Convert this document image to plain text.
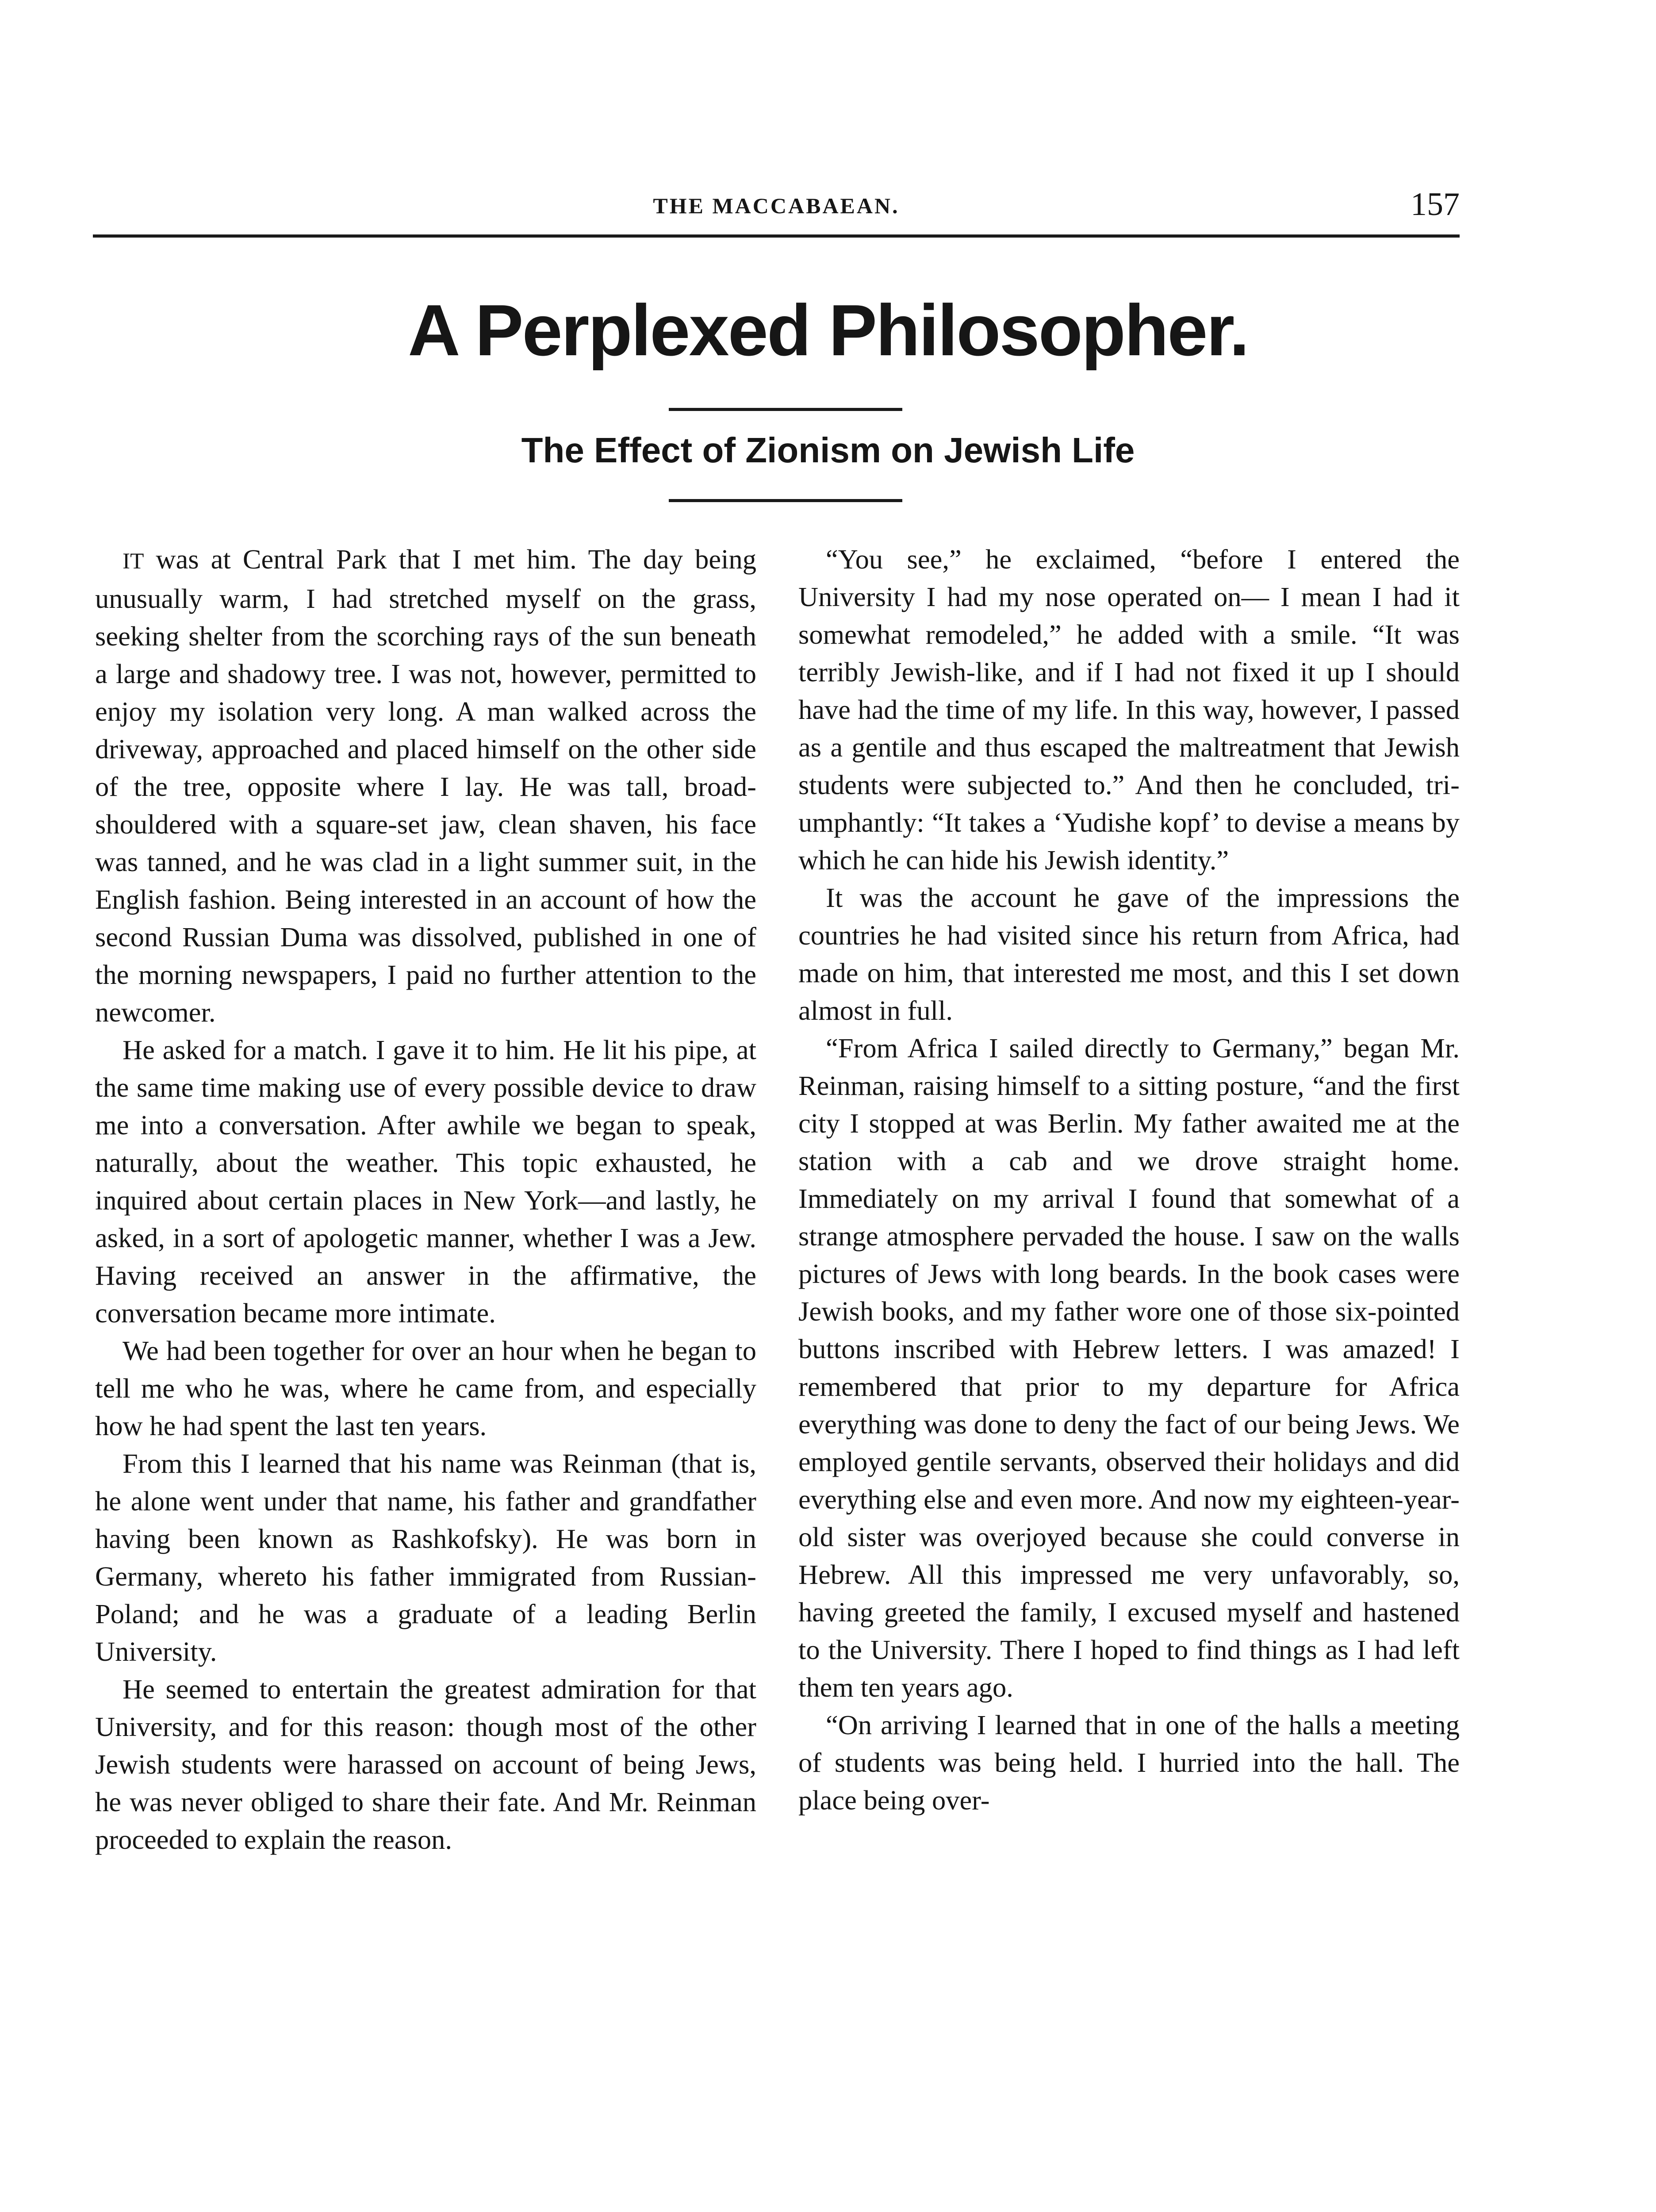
THE MACCABAEAN.	157
A Perplexed Philosopher.
The Effect of Zionism on Jewish Life

IT was at Central Park that I met him. The day being unusually warm, I had stretched myself on the grass, seeking shelter from the scorching rays of the sun beneath a large and shadowy tree. I was not, however, permitted to enjoy my isolation very long. A man walked across the driveway, approached and placed himself on the other side of the tree, opposite where I lay. He was tall, broad-shouldered with a square-set jaw, clean shaven, his face was tanned, and he was clad in a light summer suit, in the English fashion. Being interested in an account of how the second Russian Duma was dissolved, published in one of the morning newspapers, I paid no further attention to the newcomer.

He asked for a match. I gave it to him. He lit his pipe, at the same time making use of every possible device to draw me into a conversation. After awhile we began to speak, naturally, about the weather. This topic exhausted, he inquired about certain places in New York—and lastly, he asked, in a sort of apologetic manner, whether I was a Jew. Having received an answer in the affirmative, the conversation became more intimate.

We had been together for over an hour when he began to tell me who he was, where he came from, and especially how he had spent the last ten years.

From this I learned that his name was Reinman (that is, he alone went under that name, his father and grandfather having been known as Rashkofsky). He was born in Germany, whereto his father immigrated from Russian-Poland; and he was a graduate of a leading Berlin University.

He seemed to entertain the greatest admiration for that University, and for this reason: though most of the other Jewish students were harassed on account of being Jews, he was never obliged to share their fate. And Mr. Reinman proceeded to explain the reason.

“You see,” he exclaimed, “before I entered the University I had my nose operated on— I mean I had it somewhat remodeled,” he added with a smile. “It was terribly Jewish-like, and if I had not fixed it up I should have had the time of my life. In this way, however, I passed as a gentile and thus escaped the maltreatment that Jewish students were subjected to.” And then he concluded, triumphantly: “It takes a ‘Yudishe kopf’ to devise a means by which he can hide his Jewish identity.”

It was the account he gave of the impressions the countries he had visited since his return from Africa, had made on him, that interested me most, and this I set down almost in full.

“From Africa I sailed directly to Germany,” began Mr. Reinman, raising himself to a sitting posture, “and the first city I stopped at was Berlin. My father awaited me at the station with a cab and we drove straight home. Immediately on my arrival I found that somewhat of a strange atmosphere pervaded the house. I saw on the walls pictures of Jews with long beards. In the book cases were Jewish books, and my father wore one of those six-pointed buttons inscribed with Hebrew letters. I was amazed! I remembered that prior to my departure for Africa everything was done to deny the fact of our being Jews. We employed gentile servants, observed their holidays and did everything else and even more. And now my eighteen-year-old sister was overjoyed because she could converse in Hebrew. All this impressed me very unfavorably, so, having greeted the family, I excused myself and hastened to the University. There I hoped to find things as I had left them ten years ago.

“On arriving I learned that in one of the halls a meeting of students was being held. I hurried into the hall. The place being over-
